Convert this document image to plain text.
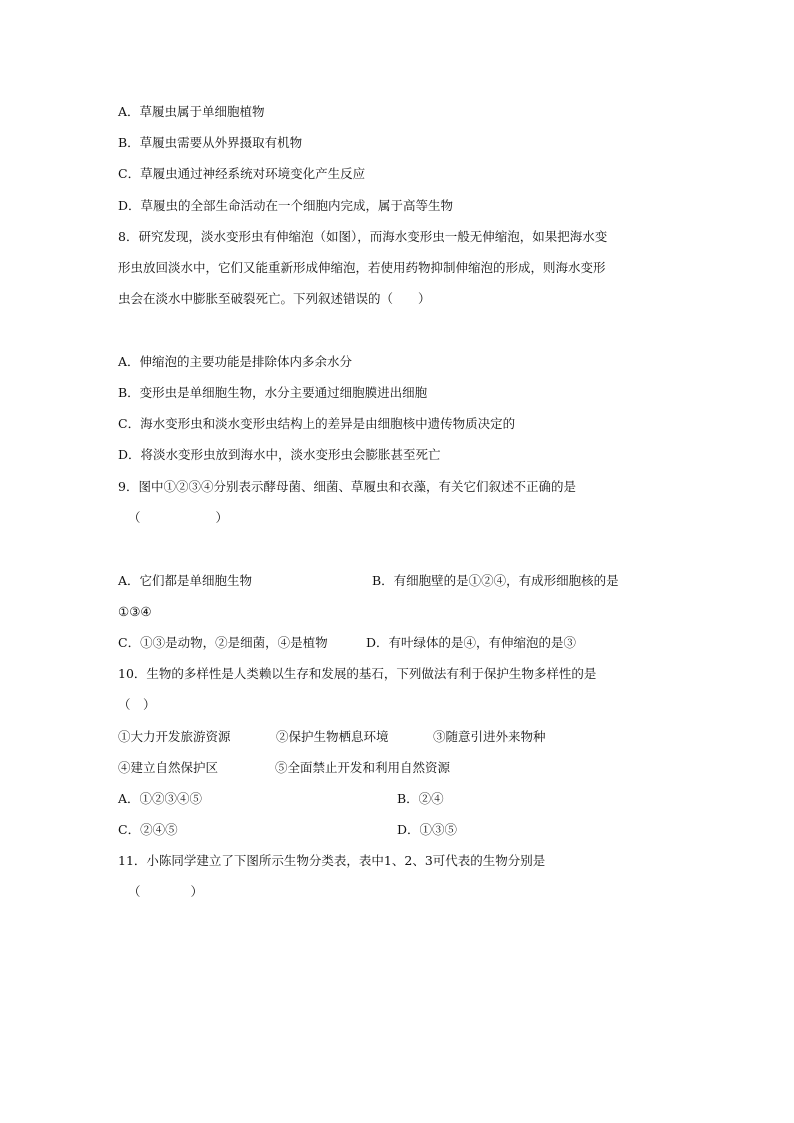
A．草履虫属于单细胞植物
B．草履虫需要从外界摄取有机物
C．草履虫通过神经系统对环境变化产生反应
D．草履虫的全部生命活动在一个细胞内完成，属于高等生物
8．研究发现，淡水变形虫有伸缩泡（如图），而海水变形虫一般无伸缩泡，如果把海水变
形虫放回淡水中，它们又能重新形成伸缩泡，若使用药物抑制伸缩泡的形成，则海水变形
虫会在淡水中膨胀至破裂死亡。下列叙述错误的（　　）
A．伸缩泡的主要功能是排除体内多余水分
B．变形虫是单细胞生物，水分主要通过细胞膜进出细胞
C．海水变形虫和淡水变形虫结构上的差异是由细胞核中遗传物质决定的
D．将淡水变形虫放到海水中，淡水变形虫会膨胀甚至死亡
9．图中①②③④分别表示酵母菌、细菌、草履虫和衣藻，有关它们叙述不正确的是
（　　　　　　）
A．它们都是单细胞生物	B．有细胞壁的是①②④，有成形细胞核的是
①③④
C．①③是动物，②是细菌，④是植物	D．有叶绿体的是④，有伸缩泡的是③
10．生物的多样性是人类赖以生存和发展的基石，下列做法有利于保护生物多样性的是
（　）
①大力开发旅游资源	②保护生物栖息环境	③随意引进外来物种
④建立自然保护区	⑤全面禁止开发和利用自然资源
A．①②③④⑤	B．②④
C．②④⑤	D．①③⑤
11．小陈同学建立了下图所示生物分类表，表中1、2、3可代表的生物分别是
（　　　　）
